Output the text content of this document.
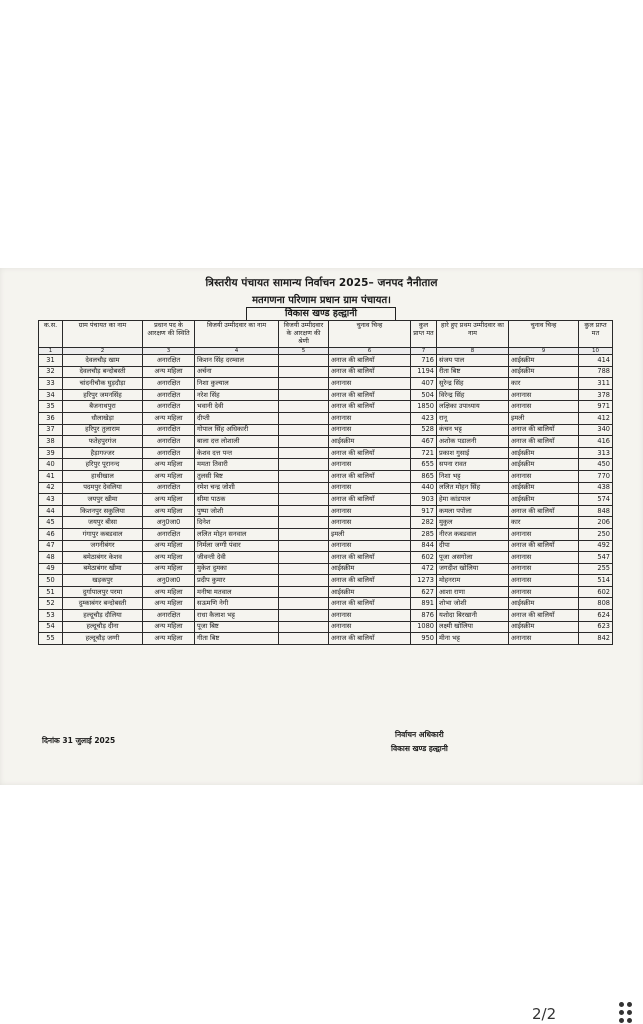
त्रिस्तरीय पंचायत सामान्य निर्वाचन 2025– जनपद नैनीताल
मतगणना परिणाम प्रधान ग्राम पंचायत।
विकास खण्ड हल्द्वानी
क.स.	ग्राम पंचायत का नाम	प्रधान पद के आरक्षण की स्थिति	विजयी उम्मीदवार का नाम	विजयी उम्मीदवार के आरक्षण की श्रेणी	चुनाव चिन्ह	कुल प्राप्त मत	हारे हुए प्रथम उम्मीदवार का नाम	चुनाव चिन्ह	कुल प्राप्त मत
1	2	3	4	5	6	7	8	9	10
31	देवलचौड़ खाम	अनारक्षित	किशन सिंह दरम्वाल		अनाज की बालियाँ	716	संजय पाल	आईस्क्रीम	414
32	देवलचौड़ बन्दोबस्ती	अन्य महिला	अर्चना		अनाज की बालियाँ	1194	रीता बिष्ट	आईस्क्रीम	788
33	चांदनीचौक घुड़दौड़ा	अनारक्षित	निशा कुल्याल		अनानास	407	सुरेन्द्र सिंह	कार	311
34	हरिपुर जमनसिंह	अनारक्षित	नरेश सिंह		अनाज की बालियाँ	504	विरेन्द्र सिंह	अनानास	378
35	बैजनाथपुरा	अनारक्षित	भवानी देवी		अनाज की बालियाँ	1850	लक्षिका उपाध्याय	अनानास	971
36	धौलाखेड़ा	अन्य महिला	दीप्ती		अनानास	423	रानू	इमली	412
37	हरिपुर तुलाराम	अनारक्षित	गोपाल सिंह अधिकारी		अनानास	528	कंचन भट्ट	अनाज की बालियाँ	340
38	फतेहपुरगंज	अनारक्षित	बाला दत्त लोशाली		आईस्क्रीम	467	अशोक पडालनी	अनाज की बालियाँ	416
39	हैड़ागज्जर	अनारक्षित	केशव दत्त पन्त		अनाज की बालियाँ	721	प्रकाश गुसाई	आईस्क्रीम	313
40	हरिपुर पूरानन्द	अन्य महिला	ममता तिवारी		अनानास	655	सपना रावत	आईस्क्रीम	450
41	हाथीखाल	अन्य महिला	तुलसी बिष्ट		अनाज की बालियाँ	865	निशा भट्ट	अनानास	770
42	पदमपुर देवलिया	अनारक्षित	रमेश चन्द्र जोशी		अनानास	440	ललित मोहन सिंह	आईस्क्रीम	438
43	जयपुर खीमा	अन्य महिला	सीमा पाठक		अनाज की बालियाँ	903	हेमा कांडपाल	आईस्क्रीम	574
44	किशनपुर सकुलिया	अन्य महिला	पुष्पा जोशी		अनानास	917	कमला पपोला	अनाज की बालियाँ	848
45	जयपुर बीसा	अनु0जा0	दिनेश		अनानास	282	मुकुल	कार	206
46	गंगापुर कबडवाल	अनारक्षित	ललित मोहन सनवाल		इमली	285	नीरज कबडवाल	अनानास	250
47	जगनीबंगर	अन्य महिला	निर्मला जग्गी पंवार		अनानास	844	दीपा	अनाज की बालियाँ	492
48	बमेठाबंगर केशव	अन्य महिला	जीवन्ती देवी		अनाज की बालियाँ	602	पूजा असगोला	अनानास	547
49	बमेठाबंगर खीमा	अन्य महिला	मुकेश दुमका		आईस्क्रीम	472	जगदीश खोलिया	अनानास	255
50	खड़कपुर	अनु0जा0	प्रदीप कुमार		अनाज की बालियाँ	1273	मोहनराम	अनानास	514
51	दुर्गापालपुर परमा	अन्य महिला	मनीषा मतवाल		आईस्क्रीम	627	आशा राणा	अनानास	602
52	दुम्काबंगर बन्दोबस्ती	अन्य महिला	सऊमणि नेगी		अनाज की बालियाँ	891	शोभा जोशी	आईस्क्रीम	808
53	हल्दूचौड़ दौलिया	अनारक्षित	राधा कैलाश भट्ट		अनानास	876	यशोदा बिरखानी	अनाज की बालियाँ	624
54	हल्दूचौड़ दीना	अन्य महिला	पूजा बिष्ट		अनानास	1080	लक्ष्मी खोलिया	आईस्क्रीम	623
55	हल्दूचौड़ जग्गी	अन्य महिला	गीता बिष्ट		अनाज की बालियाँ	950	मीना भट्ट	अनानास	842
दिनांक 31 जुलाई 2025
निर्वाचन अधिकारी
विकास खण्ड हल्द्वानी
2/2
